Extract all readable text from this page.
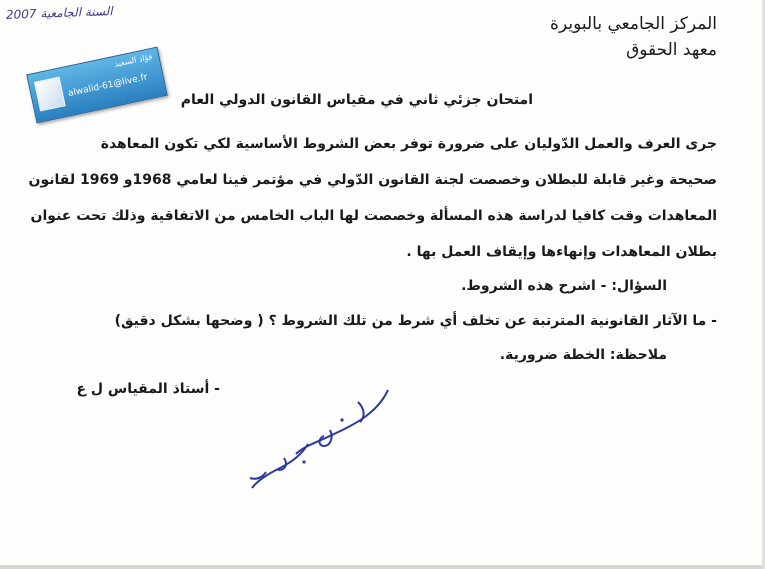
السنة الجامعية 2007
المركز الجامعي بالبويرة
معهد الحقوق
فؤاد السعيد
alwalid-61@live.fr
امتحان جزئي ثاني في مقياس القانون الدولي العام
جرى العرف والعمل الدّوليان على ضرورة توفر بعض الشروط الأساسية لكي تكون المعاهدة
صحيحة وغير قابلة للبطلان وخصصت لجنة القانون الدّولي في مؤتمر فينا لعامي 1968و 1969 لقانون
المعاهدات وقت كافيا لدراسة هذه المسألة وخصصت لها الباب الخامس من الاتفاقية وذلك تحت عنوان
بطلان المعاهدات وإنهاءها وإيقاف العمل بها .
السؤال: - اشرح هذه الشروط.
- ما الآثار القانونية المترتبة عن تخلف أي شرط من تلك الشروط ؟ ( وضحها بشكل دقيق)
ملاحظة: الخطة ضرورية.
- أستاذ المقياس ل ع
